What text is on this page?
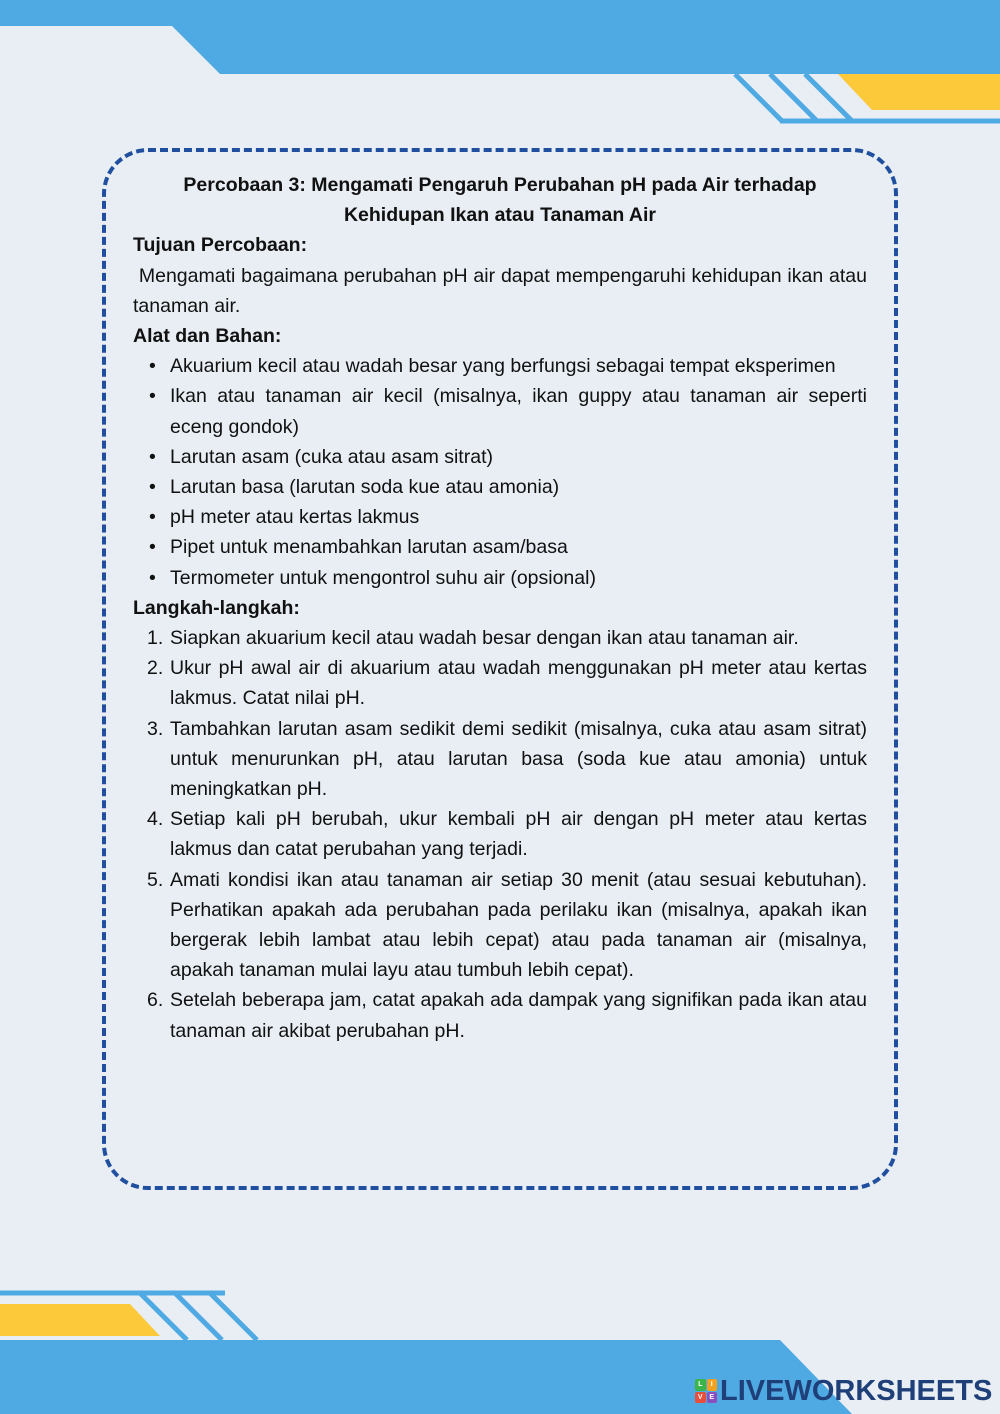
Percobaan 3: Mengamati Pengaruh Perubahan pH pada Air terhadap Kehidupan Ikan atau Tanaman Air

Tujuan Percobaan:

Mengamati bagaimana perubahan pH air dapat mempengaruhi kehidupan ikan atau tanaman air.

Alat dan Bahan:

• Akuarium kecil atau wadah besar yang berfungsi sebagai tempat eksperimen
• Ikan atau tanaman air kecil (misalnya, ikan guppy atau tanaman air seperti eceng gondok)
• Larutan asam (cuka atau asam sitrat)
• Larutan basa (larutan soda kue atau amonia)
• pH meter atau kertas lakmus
• Pipet untuk menambahkan larutan asam/basa
• Termometer untuk mengontrol suhu air (opsional)

Langkah-langkah:

1. Siapkan akuarium kecil atau wadah besar dengan ikan atau tanaman air.
2. Ukur pH awal air di akuarium atau wadah menggunakan pH meter atau kertas lakmus. Catat nilai pH.
3. Tambahkan larutan asam sedikit demi sedikit (misalnya, cuka atau asam sitrat) untuk menurunkan pH, atau larutan basa (soda kue atau amonia) untuk meningkatkan pH.
4. Setiap kali pH berubah, ukur kembali pH air dengan pH meter atau kertas lakmus dan catat perubahan yang terjadi.
5. Amati kondisi ikan atau tanaman air setiap 30 menit (atau sesuai kebutuhan). Perhatikan apakah ada perubahan pada perilaku ikan (misalnya, apakah ikan bergerak lebih lambat atau lebih cepat) atau pada tanaman air (misalnya, apakah tanaman mulai layu atau tumbuh lebih cepat).
6. Setelah beberapa jam, catat apakah ada dampak yang signifikan pada ikan atau tanaman air akibat perubahan pH.
L	I
V E LIVEWORKSHEETS
